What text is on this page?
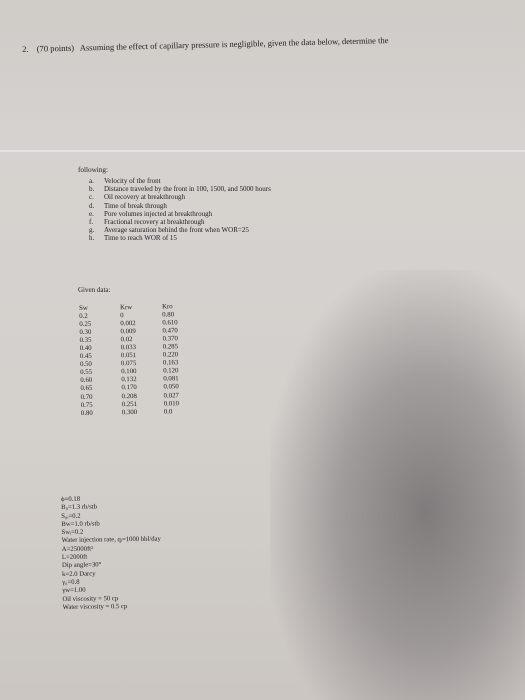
2. (70 points) Assuming the effect of capillary pressure is negligible, given the data below, determine the
following:
a.	Velocity of the front
b.	Distance traveled by the front in 100, 1500, and 5000 hours
c.	Oil recovery at breakthrough
d.	Time of break through
e.	Pore volumes injected at breakthrough
f.	Fractional recovery at breakthrough
g.	Average saturation behind the front when WOR=25
h.	Time to reach WOR of 15
Given data:
Sw	Krw	Kro
0.2	0	0.80
0.25	0.002	0.610
0.30	0.009	0.470
0.35	0.02	0.370
0.40	0.033	0.285
0.45	0.051	0.220
0.50	0.075	0.163
0.55	0.100	0.120
0.60	0.132	0.081
0.65	0.170	0.050
0.70	0.208	0.027
0.75	0.251	0.010
0.80	0.300	0.0
ϕ=0.18
B₀=1.3 rb/stb
S₀ᵢ=0.2
Bw=1.0 rb/stb
Swᵢ=0.2
Water injection rate, qᵢ=1000 bbl/day
A=25000ft²
L=2000ft
Dip angle=30°
k=2.0 Darcy
γ₀=0.8
γw=1.00
Oil viscosity = 50 cp
Water viscosity = 0.5 cp
